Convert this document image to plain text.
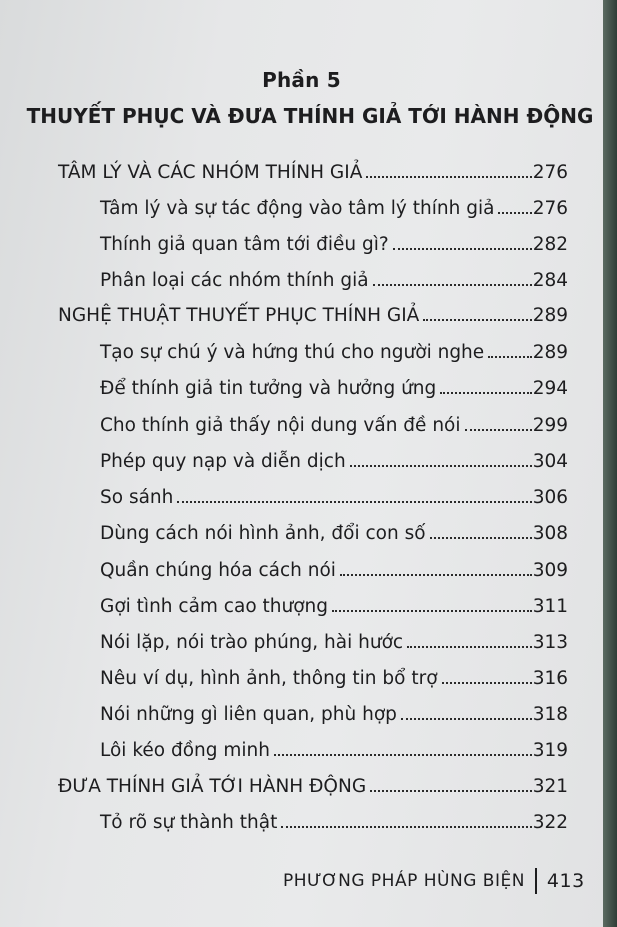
Phần 5
THUYẾT PHỤC VÀ ĐƯA THÍNH GIẢ TỚI HÀNH ĐỘNG
TÂM LÝ VÀ CÁC NHÓM THÍNH GIẢ	276
Tâm lý và sự tác động vào tâm lý thính giả 276
Thính giả quan tâm tới điều gì?	282
Phân loại các nhóm thính giả	284
NGHỆ THUẬT THUYẾT PHỤC THÍNH GIẢ	289
Tạo sự chú ý và hứng thú cho người nghe	289
Để thính giả tin tưởng và hưởng ứng	294
Cho thính giả thấy nội dung vấn đề nói	299
Phép quy nạp và diễn dịch	304
So sánh	306
Dùng cách nói hình ảnh, đổi con số	308
Quần chúng hóa cách nói	309
Gợi tình cảm cao thượng	311
Nói lặp, nói trào phúng, hài hước	313
Nêu ví dụ, hình ảnh, thông tin bổ trợ	316
Nói những gì liên quan, phù hợp	318
Lôi kéo đồng minh	319
ĐƯA THÍNH GIẢ TỚI HÀNH ĐỘNG	321
Tỏ rõ sự thành thật	322
PHƯƠNG PHÁP HÙNG BIỆN 413
